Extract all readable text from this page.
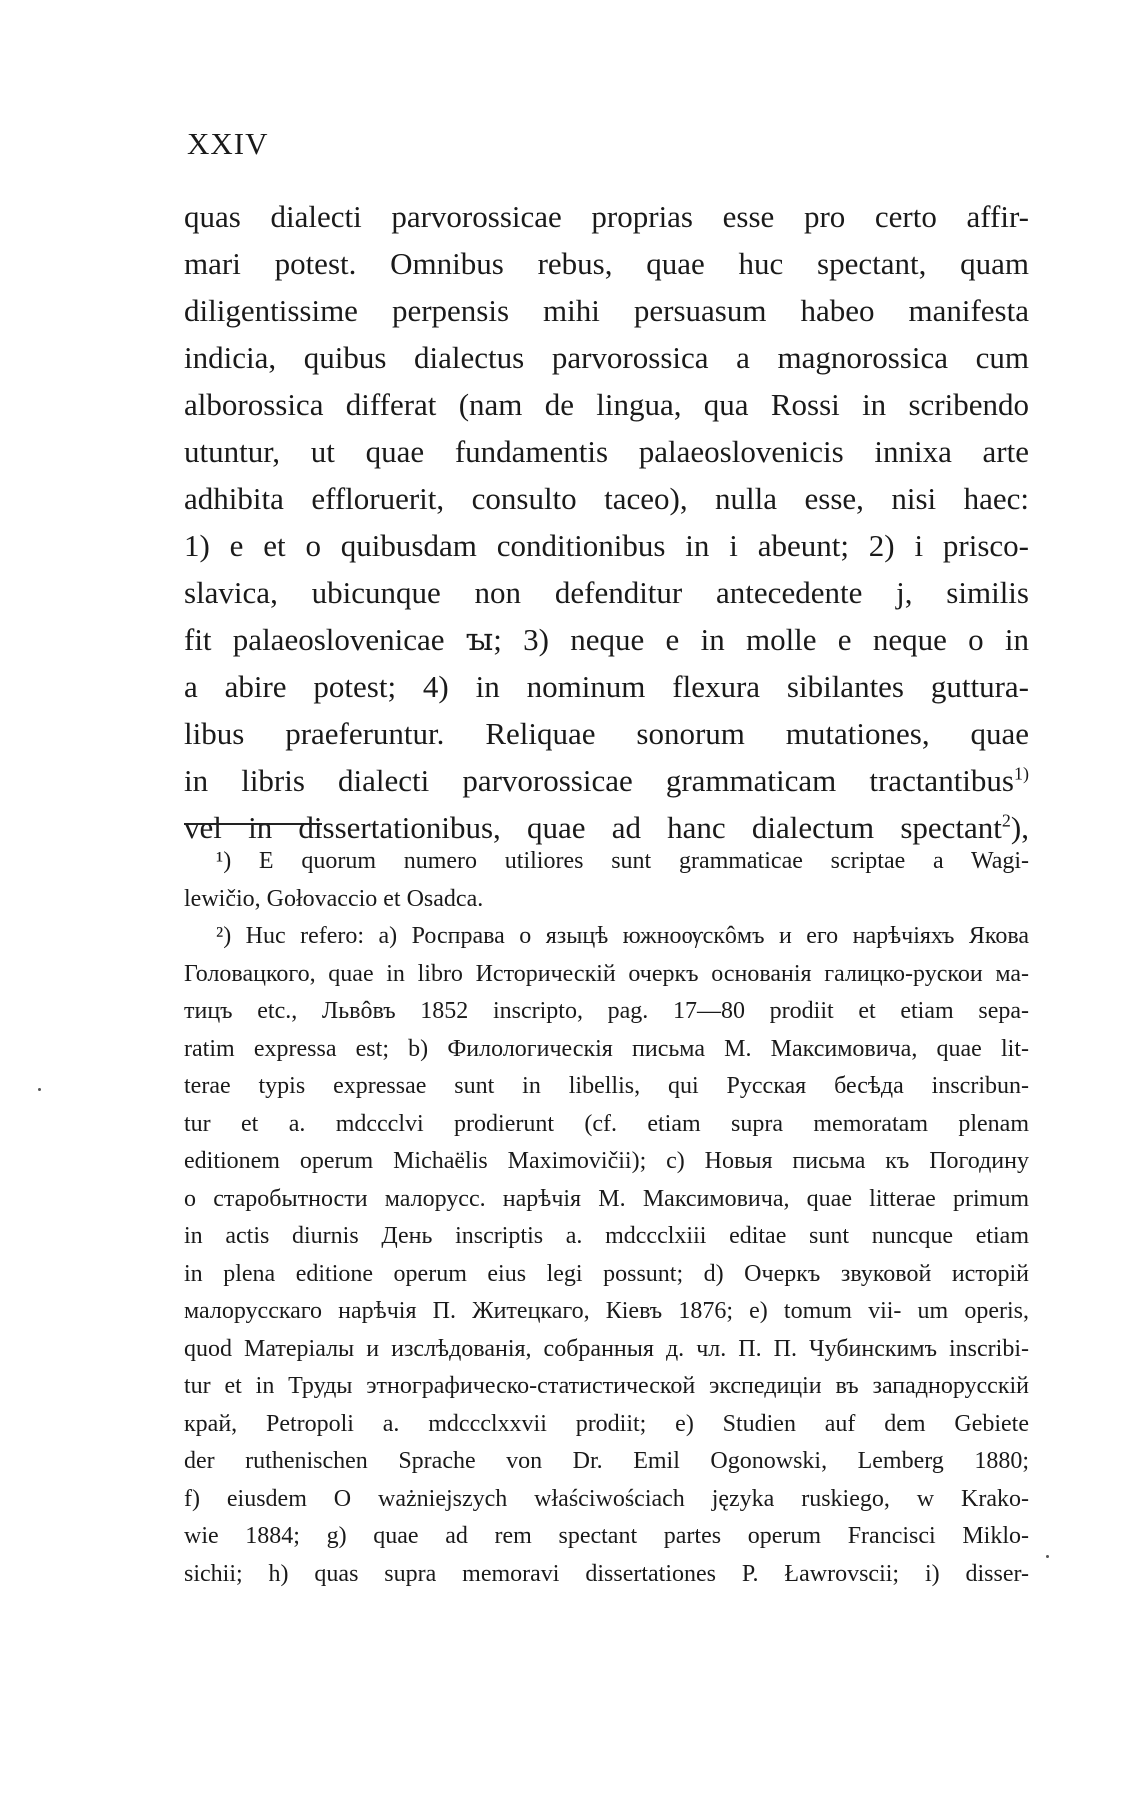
XXIV
quas dialecti parvorossicae proprias esse pro certo affir-
mari potest. Omnibus rebus, quae huc spectant, quam
diligentissime perpensis mihi persuasum habeo manifesta
indicia, quibus dialectus parvorossica a magnorossica cum
alborossica differat (nam de lingua, qua Rossi in scribendo
utuntur, ut quae fundamentis palaeoslovenicis innixa arte
adhibita effloruerit, consulto taceo), nulla esse, nisi haec:
1) e et o quibusdam conditionibus in i abeunt; 2) i prisco-
slavica, ubicunque non defenditur antecedente j, similis
fit palaeoslovenicae ꙑ; 3) neque e in molle e neque o in
a abire potest; 4) in nominum flexura sibilantes guttura-
libus praeferuntur. Reliquae sonorum mutationes, quae
in libris dialecti parvorossicae grammaticam tractantibus$^{1)}$
vel in dissertationibus, quae ad hanc dialectum spectant$^2$),
¹) E quorum numero utiliores sunt grammaticae scriptae a Wagi-
lewičio, Gołovaccio et Osadca.
²) Huc refero: a) Росправа о языцѣ южноѹскôмъ и его нарѣчіяхъ Якова
Головацкого, quae in libro Историческій очеркъ основанія галицко-рускои ма-
тицъ etc., Львôвъ 1852 inscripto, pag. 17—80 prodiit et etiam sepa-
ratim expressa est; b) Филологическія письма М. Максимовича, quae lit-
terae typis expressae sunt in libellis, qui Русская бесѣда inscribun-
tur et a. mdccclvi prodierunt (cf. etiam supra memoratam plenam
editionem operum Michaëlis Maximovičii); c) Новыя письма къ Погодину
о старобытности малорусс. нарѣчія М. Максимовича, quae litterae primum
in actis diurnis День inscriptis a. mdccclxiii editae sunt nuncque etiam
in plena editione operum eius legi possunt; d) Очеркъ звуковой исторій
малорусскаго нарѣчія П. Житецкаго, Кіевъ 1876; e) tomum vii- um operis,
quod Матеріалы и изслѣдованія, собранныя д. чл. П. П. Чубинскимъ inscribi-
tur et in Труды этнографическо-статистической экспедиціи въ западнорусскій
край, Petropoli a. mdccclxxvii prodiit; e) Studien auf dem Gebiete
der ruthenischen Sprache von Dr. Emil Ogonowski, Lemberg 1880;
f) eiusdem O ważniejszych właściwościach języka ruskiego, w Krako-
wie 1884; g) quae ad rem spectant partes operum Francisci Miklo-
sichii; h) quas supra memoravi dissertationes P. Ławrovscii; i) disser-
